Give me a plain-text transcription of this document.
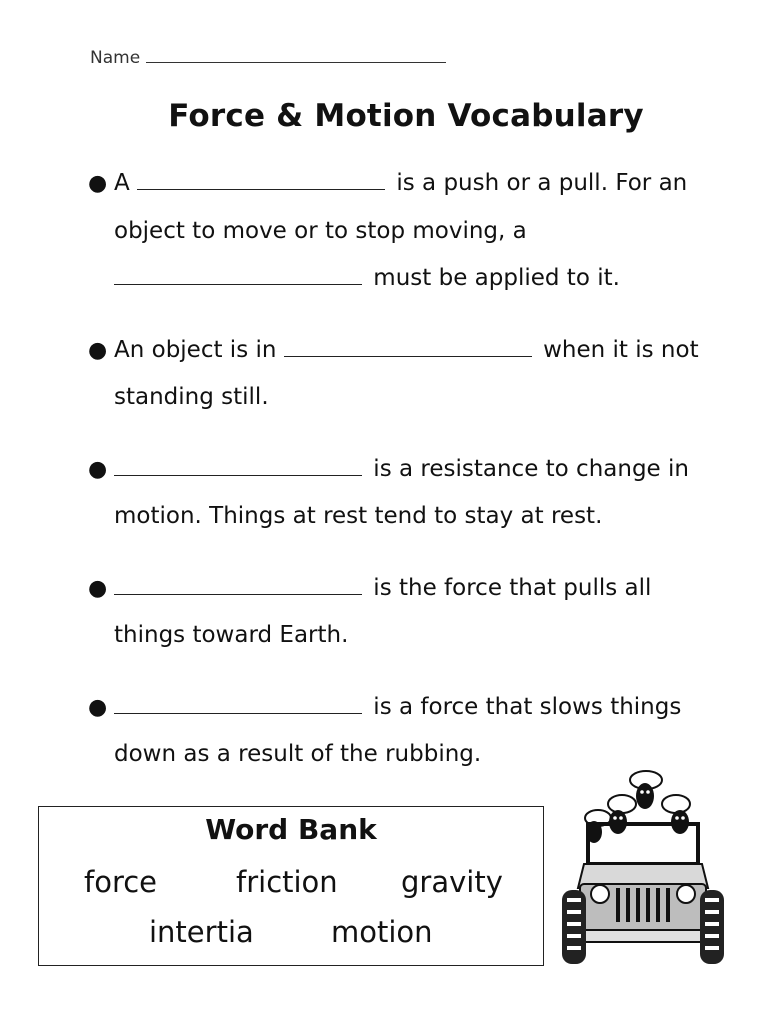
Name
Force & Motion Vocabulary
● A	is a push or a pull. For an object to move or to stop moving, a  must be applied to it.
● An object is in	when it is not standing still.
●	is a resistance to change in motion. Things at rest tend to stay at rest.
●	is the force that pulls all things toward Earth.
●	is a force that slows things down as a result of the rubbing.
Word Bank
force	friction gravity
intertia	motion
